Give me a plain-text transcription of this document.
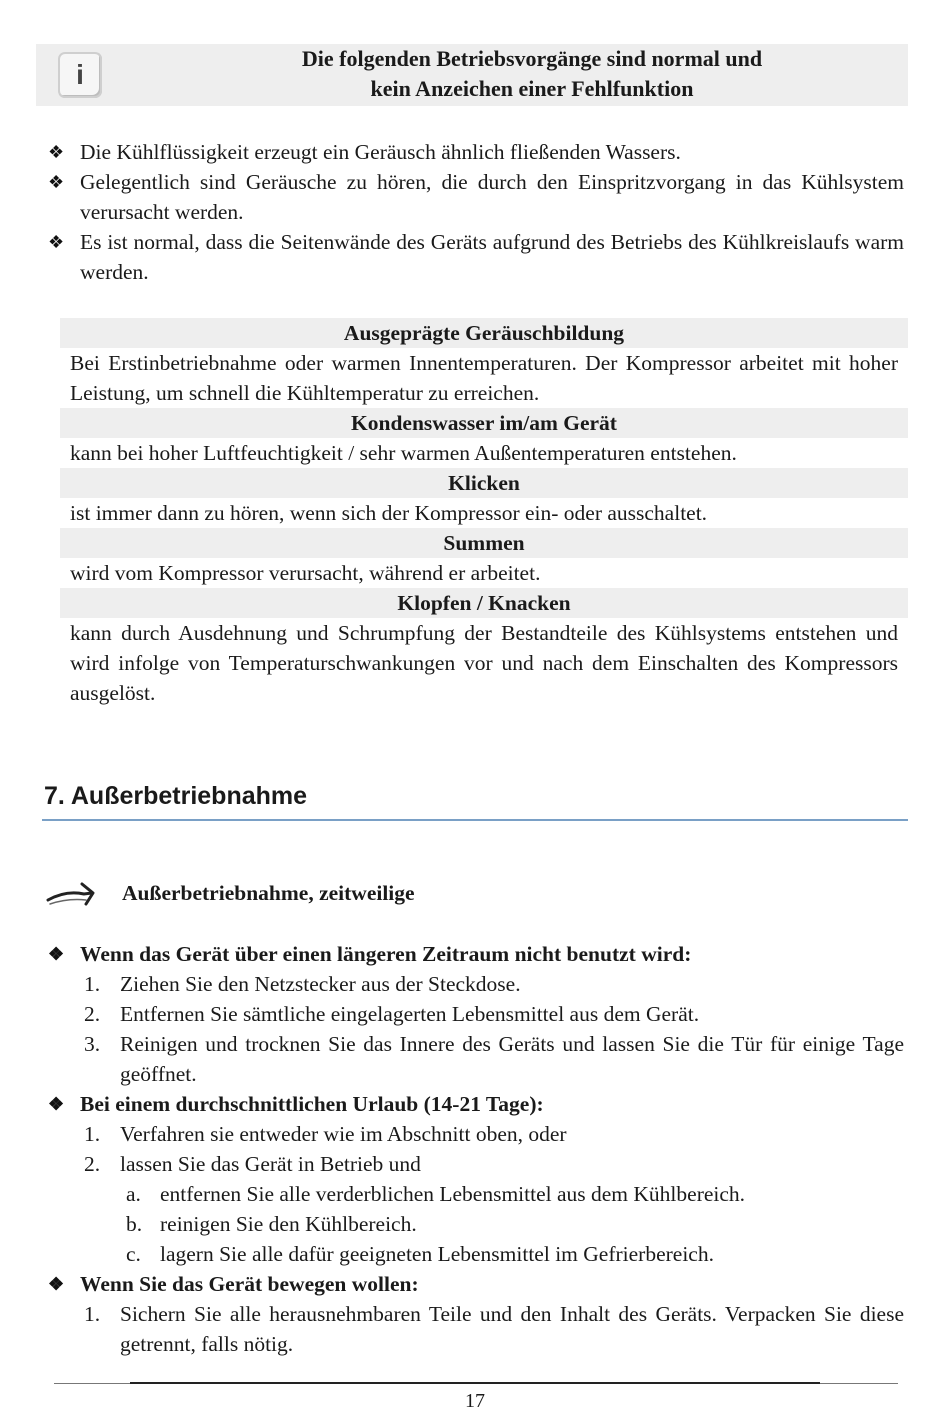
i
Die folgenden Betriebsvorgänge sind normal und
kein Anzeichen einer Fehlfunktion
❖ Die Kühlflüssigkeit erzeugt ein Geräusch ähnlich fließenden Wassers.
❖ Gelegentlich sind Geräusche zu hören, die durch den Einspritzvorgang in das Kühlsystem verursacht werden.
❖ Es ist normal, dass die Seitenwände des Geräts aufgrund des Betriebs des Kühlkreislaufs warm werden.
Ausgeprägte Geräuschbildung
Bei Erstinbetriebnahme oder warmen Innentemperaturen. Der Kompressor arbeitet mit hoher Leistung, um schnell die Kühltemperatur zu erreichen.
Kondenswasser im/am Gerät
kann bei hoher Luftfeuchtigkeit / sehr warmen Außentemperaturen entstehen.
Klicken
ist immer dann zu hören, wenn sich der Kompressor ein- oder ausschaltet.
Summen
wird vom Kompressor verursacht, während er arbeitet.
Klopfen / Knacken
kann durch Ausdehnung und Schrumpfung der Bestandteile des Kühlsystems entstehen und wird infolge von Temperaturschwankungen vor und nach dem Einschalten des Kompressors ausgelöst.
7. Außerbetriebnahme
Außerbetriebnahme, zeitweilige
❖ Wenn das Gerät über einen längeren Zeitraum nicht benutzt wird:
1. Ziehen Sie den Netzstecker aus der Steckdose.
2. Entfernen Sie sämtliche eingelagerten Lebensmittel aus dem Gerät.
3. Reinigen und trocknen Sie das Innere des Geräts und lassen Sie die Tür für einige Tage geöffnet.
❖ Bei einem durchschnittlichen Urlaub (14-21 Tage):
1. Verfahren sie entweder wie im Abschnitt oben, oder
2. lassen Sie das Gerät in Betrieb und
a. entfernen Sie alle verderblichen Lebensmittel aus dem Kühlbereich.
b. reinigen Sie den Kühlbereich.
c. lagern Sie alle dafür geeigneten Lebensmittel im Gefrierbereich.
❖ Wenn Sie das Gerät bewegen wollen:
1. Sichern Sie alle herausnehmbaren Teile und den Inhalt des Geräts. Verpacken Sie diese getrennt, falls nötig.
17
